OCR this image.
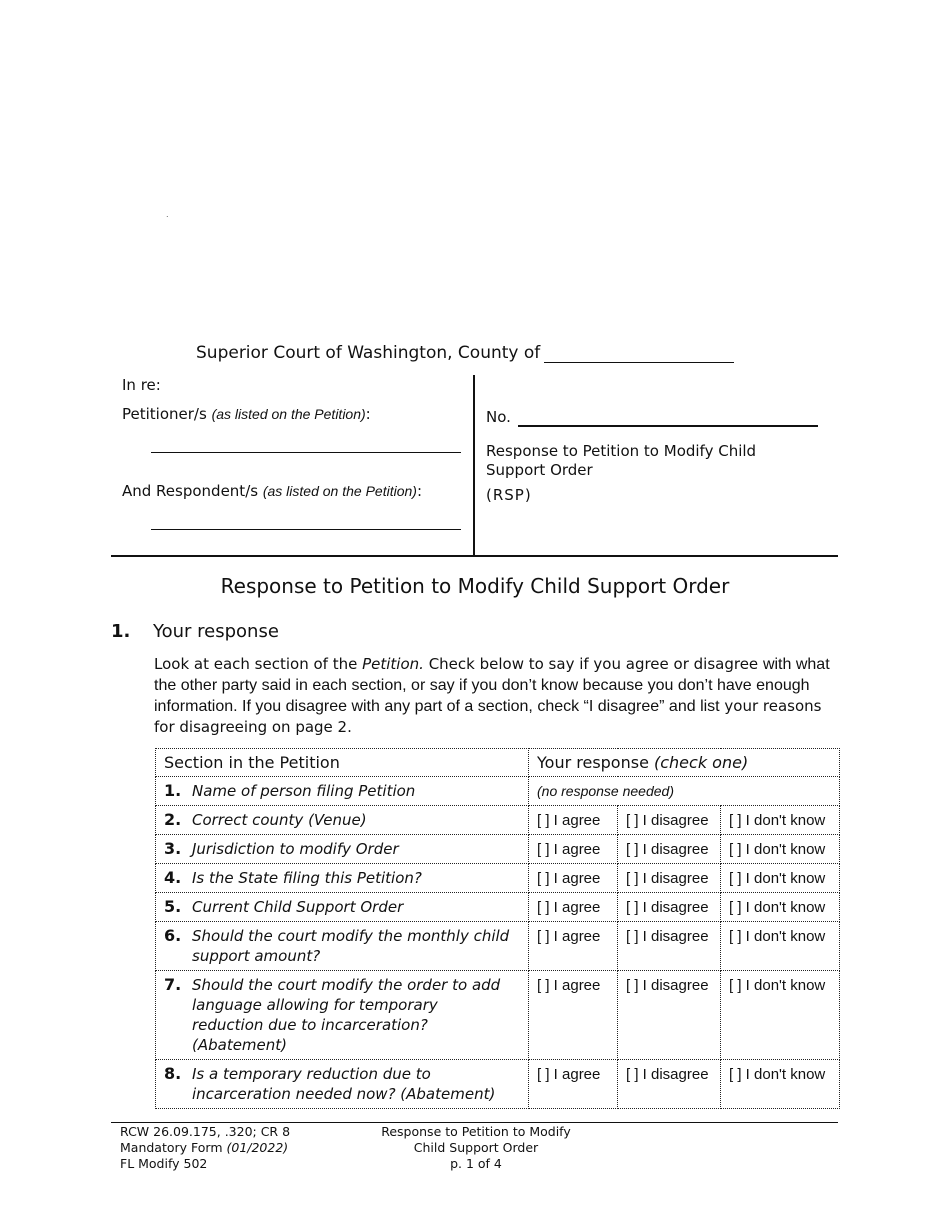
.
Superior Court of Washington, County of
In re:
Petitioner/s (as listed on the Petition):
And Respondent/s (as listed on the Petition):
No.
Response to Petition to Modify Child
Support Order
(RSP)
Response to Petition to Modify Child Support Order
1. Your response
Look at each section of the Petition. Check below to say if you agree or disagree with what the other party said in each section, or say if you don’t know because you don’t have enough information. If you disagree with any part of a section, check “I disagree” and list your reasons for disagreeing on page 2.
Section in the Petition	Your response (check one)		
1. Name of person filing Petition	(no response needed)		
2. Correct county (Venue)	[ ] I agree	[ ] I disagree	[ ] I don't know
3. Jurisdiction to modify Order	[ ] I agree	[ ] I disagree	[ ] I don't know
4. Is the State filing this Petition?	[ ] I agree	[ ] I disagree	[ ] I don't know
5. Current Child Support Order	[ ] I agree	[ ] I disagree	[ ] I don't know
6. Should the court modify the monthly child support amount?	[ ] I agree	[ ] I disagree	[ ] I don't know
7. Should the court modify the order to add language allowing for temporary reduction due to incarceration? (Abatement)	[ ] I agree	[ ] I disagree	[ ] I don't know
8. Is a temporary reduction due to incarceration needed now? (Abatement)	[ ] I agree	[ ] I disagree	[ ] I don't know
RCW 26.09.175, .320; CR 8
Mandatory Form (01/2022)
FL Modify 502
Response to Petition to Modify
Child Support Order
p. 1 of 4
